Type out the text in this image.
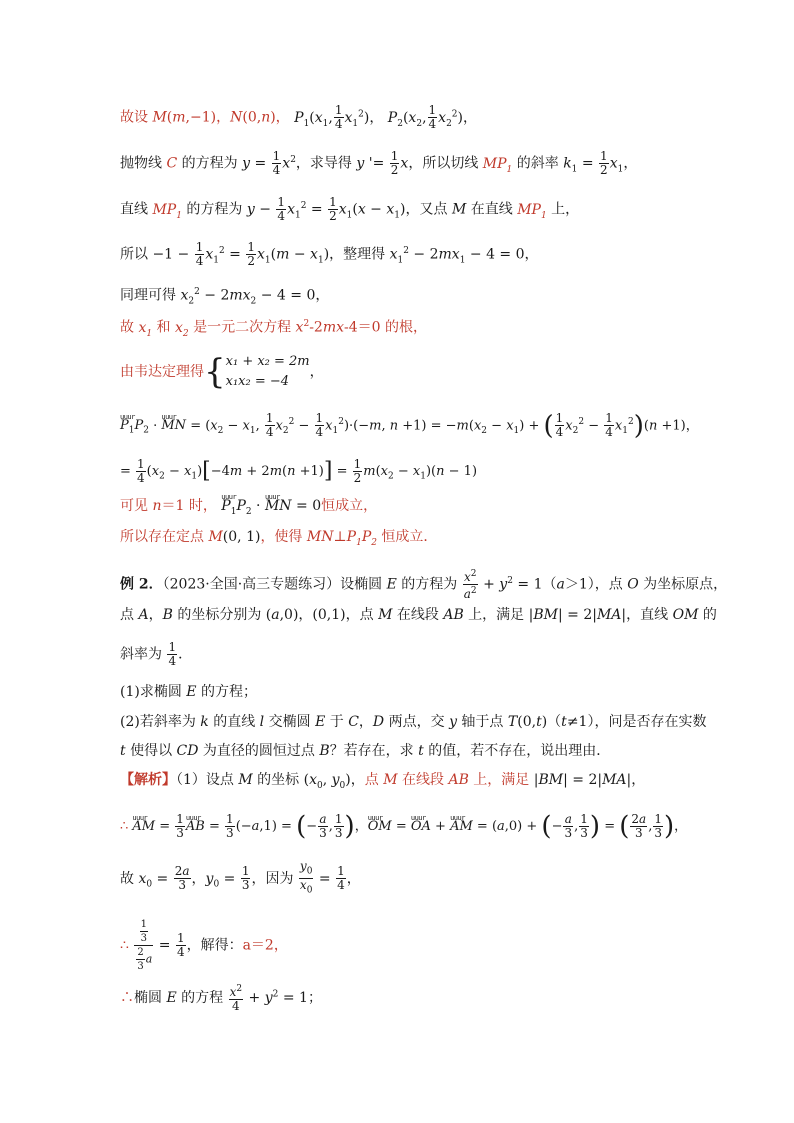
故设 M(m,−1)，N(0,n)， $P_1(x_1$, $\frac{1}{4} x_1^2$)， $P_2(x_2$, $\frac{1}{4} x_2^2$)，
抛物线 C 的方程为 $y = \frac{1}{4} x^2$，求导得 y '= $\frac{1}{2}$ x，所以切线 $MP_1$ 的斜率 $k_1 = \frac{1}{2} x_1$，
直线 $MP_1$ 的方程为 $y - \frac{1}{4} x_1^2 = \frac{1}{2} x_1(x - x_1)$，又点 M 在直线 $MP_1$ 上，
所以 $-1 - \frac{1}{4} x_1^2 = \frac{1}{2} x_1(m - x_1)$，整理得 $x_1^2 - 2mx_1 - 4 = 0$，
同理可得 $x_2^2 - 2mx_2 - 4 = 0$，
故 $x_1$ 和 $x_2$ 是一元二次方程 $x^2-2mx-4=0$ 的根，
由韦达定理得{ x₁ + x₂ = 2m
x₁x₂ = −4
，
uuur $P_1P_2$ · uuur MN = ($x_2 - x_1$, $\frac{1}{4} x_2^2 - \frac{1}{4} x_1^2)\cdot(-m$, $n +1) = -m(x_2 - x_1)$ + ( $\frac{1}{4} x_2^2 - \frac{1}{4} x_1^2)(n +1)$，
= $\frac{1}{4} (x_2 - x_1)[-4m + 2m(n +1)] = \frac{1}{2} m(x_2 - x_1)(n - 1)$
可见 n＝1 时， uuur $P_1P_2$ · uuur MN = 0恒成立，
所以存在定点 M(0, 1)，使得 $MN\perp P_1P_2$ 恒成立．
例 2．（2023·全国·高三专题练习）设椭圆 E 的方程为 $\frac{x^2}{a^2} + y^2 = 1(a>1)$，点 O 为坐标原点，
点 A，B 的坐标分别为 (a,0)，(0,1)，点 M 在线段 AB 上，满足 |BM| = 2|MA|，直线 OM 的
斜率为 $\frac{1}{4}$ ．
(1)求椭圆 E 的方程；
(2)若斜率为 k 的直线 l 交椭圆 E 于 C，D 两点，交 y 轴于点 T(0,t)（t≠1），问是否存在实数
t 使得以 CD 为直径的圆恒过点 B？若存在，求 t 的值，若不存在，说出理由．
【解析】（1）设点 M 的坐标 ($x_0$, $y_0$)，点 M 在线段 AB 上，满足 |BM| = 2|MA|，
∴ uuur AM = $\frac{1}{3}$ uuur AB = $\frac{1}{3} (-a,1)$ = (− $\frac{a}{3}$ , $\frac{1}{3}$ )，uuur OM = uuur OA + uuur AM = (a,0) + (− $\frac{a}{3}$ , $\frac{1}{3}$ ) = ( $\frac{2a}{3}$ , $\frac{1}{3}$ )，
故 $x_0 = \frac{2a}{3}$ ，$y_0 = \frac{1}{3}$ ，因为 $\frac{y_0}{x_0} = \frac{1}{4}$ ，
∴ $\frac{\frac{1}{3}}{\frac{2}{3} a} = \frac{1}{4}$ ，解得：a＝2，
∴椭圆 E 的方程 $\frac{x^2}{4} + y^2 = 1$；
